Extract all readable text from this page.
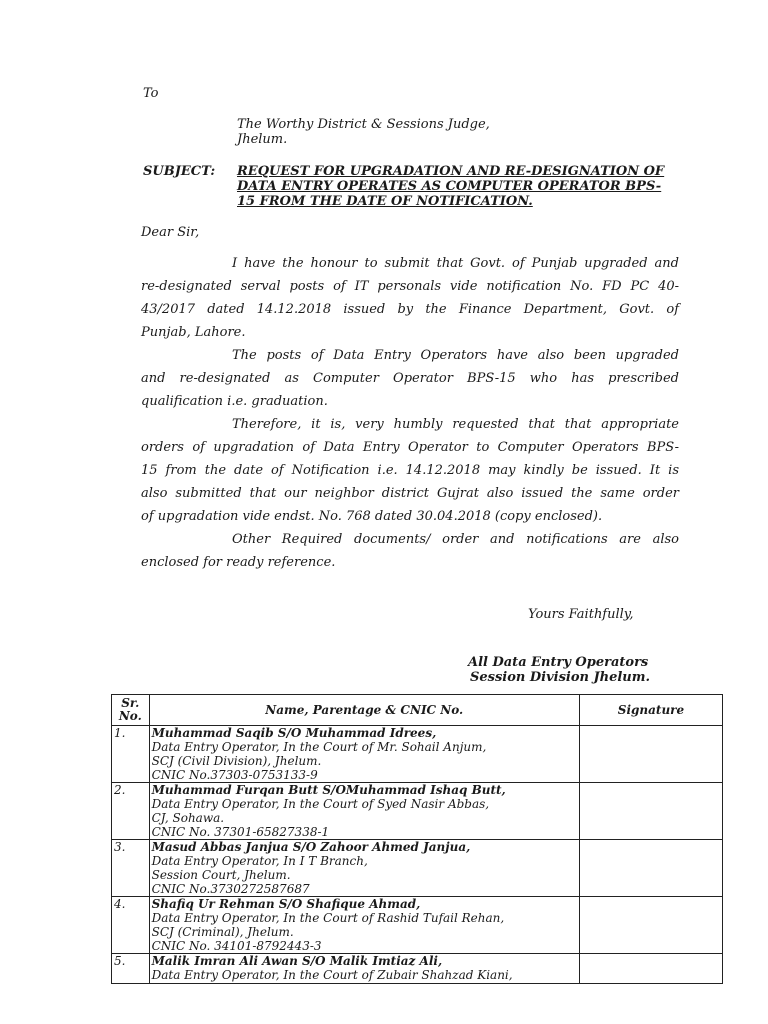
To
The Worthy District & Sessions Judge,
Jhelum.
SUBJECT: REQUEST FOR UPGRADATION AND RE-DESIGNATION OF
DATA ENTRY OPERATES AS COMPUTER OPERATOR BPS-
15 FROM THE DATE OF NOTIFICATION.
Dear Sir,
I have the honour to submit that Govt. of Punjab upgraded and
re-designated serval posts of IT personals vide notification No. FD PC 40-
43/2017 dated 14.12.2018 issued by the Finance Department, Govt. of
Punjab, Lahore.
The posts of Data Entry Operators have also been upgraded
and re-designated as Computer Operator BPS-15 who has prescribed
qualification i.e. graduation.
Therefore, it is, very humbly requested that that appropriate
orders of upgradation of Data Entry Operator to Computer Operators BPS-
15 from the date of Notification i.e. 14.12.2018 may kindly be issued. It is
also submitted that our neighbor district Gujrat also issued the same order
of upgradation vide endst. No. 768 dated 30.04.2018 (copy enclosed).
Other Required documents/ order and notifications are also
enclosed for ready reference.
Yours Faithfully,
All Data Entry Operators
Session Division Jhelum.
Sr. No.	Name, Parentage & CNIC No.	Signature
1.	Muhammad Saqib S/O Muhammad Idrees,
Data Entry Operator, In the Court of Mr. Sohail Anjum,
SCJ (Civil Division), Jhelum.
CNIC No.37303-0753133-9	

2.	Muhammad Furqan Butt S/OMuhammad Ishaq Butt,
Data Entry Operator, In the Court of Syed Nasir Abbas,
CJ, Sohawa.
CNIC No. 37301-65827338-1	

3.	Masud Abbas Janjua S/O Zahoor Ahmed Janjua,
Data Entry Operator, In I T Branch,
Session Court, Jhelum.
CNIC No.3730272587687	

4.	Shafiq Ur Rehman S/O Shafique Ahmad,
Data Entry Operator, In the Court of Rashid Tufail Rehan,
SCJ (Criminal), Jhelum.
CNIC No. 34101-8792443-3	

5.	Malik Imran Ali Awan S/O Malik Imtiaz Ali,
Data Entry Operator, In the Court of Zubair Shahzad Kiani,	
